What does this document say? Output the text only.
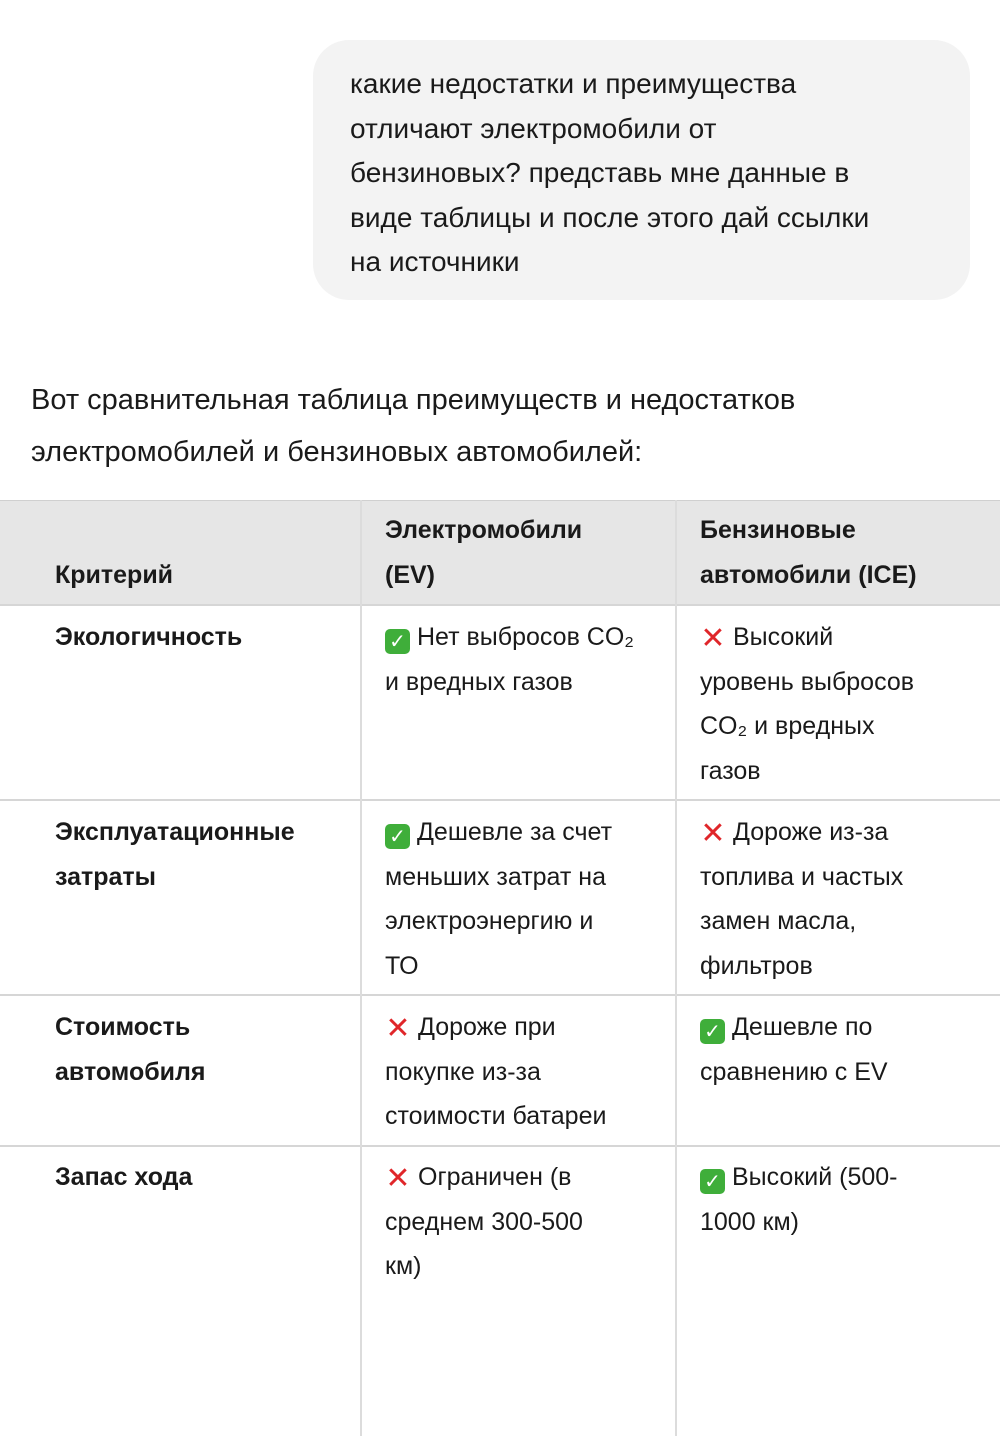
какие недостатки и преимущества
отличают электромобили от
бензиновых? представь мне данные в
виде таблицы и после этого дай ссылки
на источники
Вот сравнительная таблица преимуществ и недостатков
электромобилей и бензиновых автомобилей:
Критерий
Электромобили
(EV)
Бензиновые
автомобили (ICE)
Экологичность	✓ Нет выбросов CO₂
и вредных газов
✕ Высокий
уровень выбросов
CO₂ и вредных
газов
Эксплуатационные
затраты
✓ Дешевле за счет
меньших затрат на
электроэнергию и
ТО
✕ Дороже из-за
топлива и частых
замен масла,
фильтров
Стоимость
автомобиля
✕ Дороже при
покупке из-за
стоимости батареи
✓ Дешевле по
сравнению с EV
Запас хода	✕ Ограничен (в
среднем 300-500
км)
✓ Высокий (500-
1000 км)
